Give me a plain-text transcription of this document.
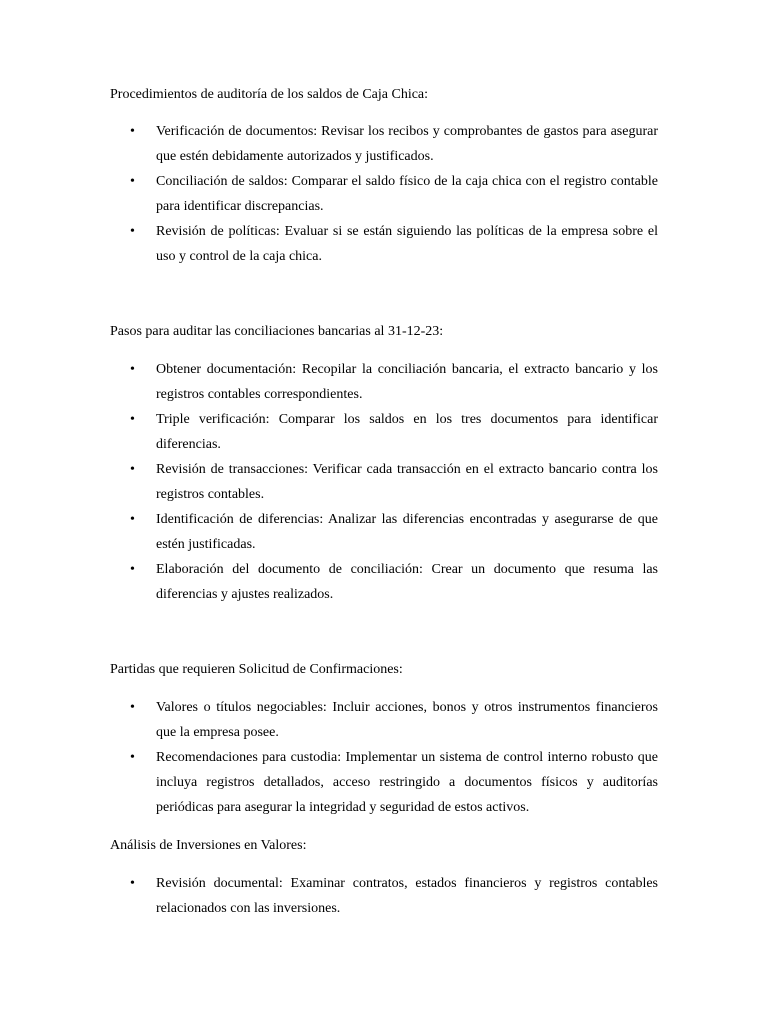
Procedimientos de auditoría de los saldos de Caja Chica:

• Verificación de documentos: Revisar los recibos y comprobantes de gastos para asegurar que estén debidamente autorizados y justificados.
• Conciliación de saldos: Comparar el saldo físico de la caja chica con el registro contable para identificar discrepancias.
• Revisión de políticas: Evaluar si se están siguiendo las políticas de la empresa sobre el uso y control de la caja chica.

Pasos para auditar las conciliaciones bancarias al 31-12-23:

• Obtener documentación: Recopilar la conciliación bancaria, el extracto bancario y los registros contables correspondientes.
• Triple verificación: Comparar los saldos en los tres documentos para identificar diferencias.
• Revisión de transacciones: Verificar cada transacción en el extracto bancario contra los registros contables.
• Identificación de diferencias: Analizar las diferencias encontradas y asegurarse de que estén justificadas.
• Elaboración del documento de conciliación: Crear un documento que resuma las diferencias y ajustes realizados.

Partidas que requieren Solicitud de Confirmaciones:

• Valores o títulos negociables: Incluir acciones, bonos y otros instrumentos financieros que la empresa posee.
• Recomendaciones para custodia: Implementar un sistema de control interno robusto que incluya registros detallados, acceso restringido a documentos físicos y auditorías periódicas para asegurar la integridad y seguridad de estos activos.

Análisis de Inversiones en Valores:

• Revisión documental: Examinar contratos, estados financieros y registros contables relacionados con las inversiones.
